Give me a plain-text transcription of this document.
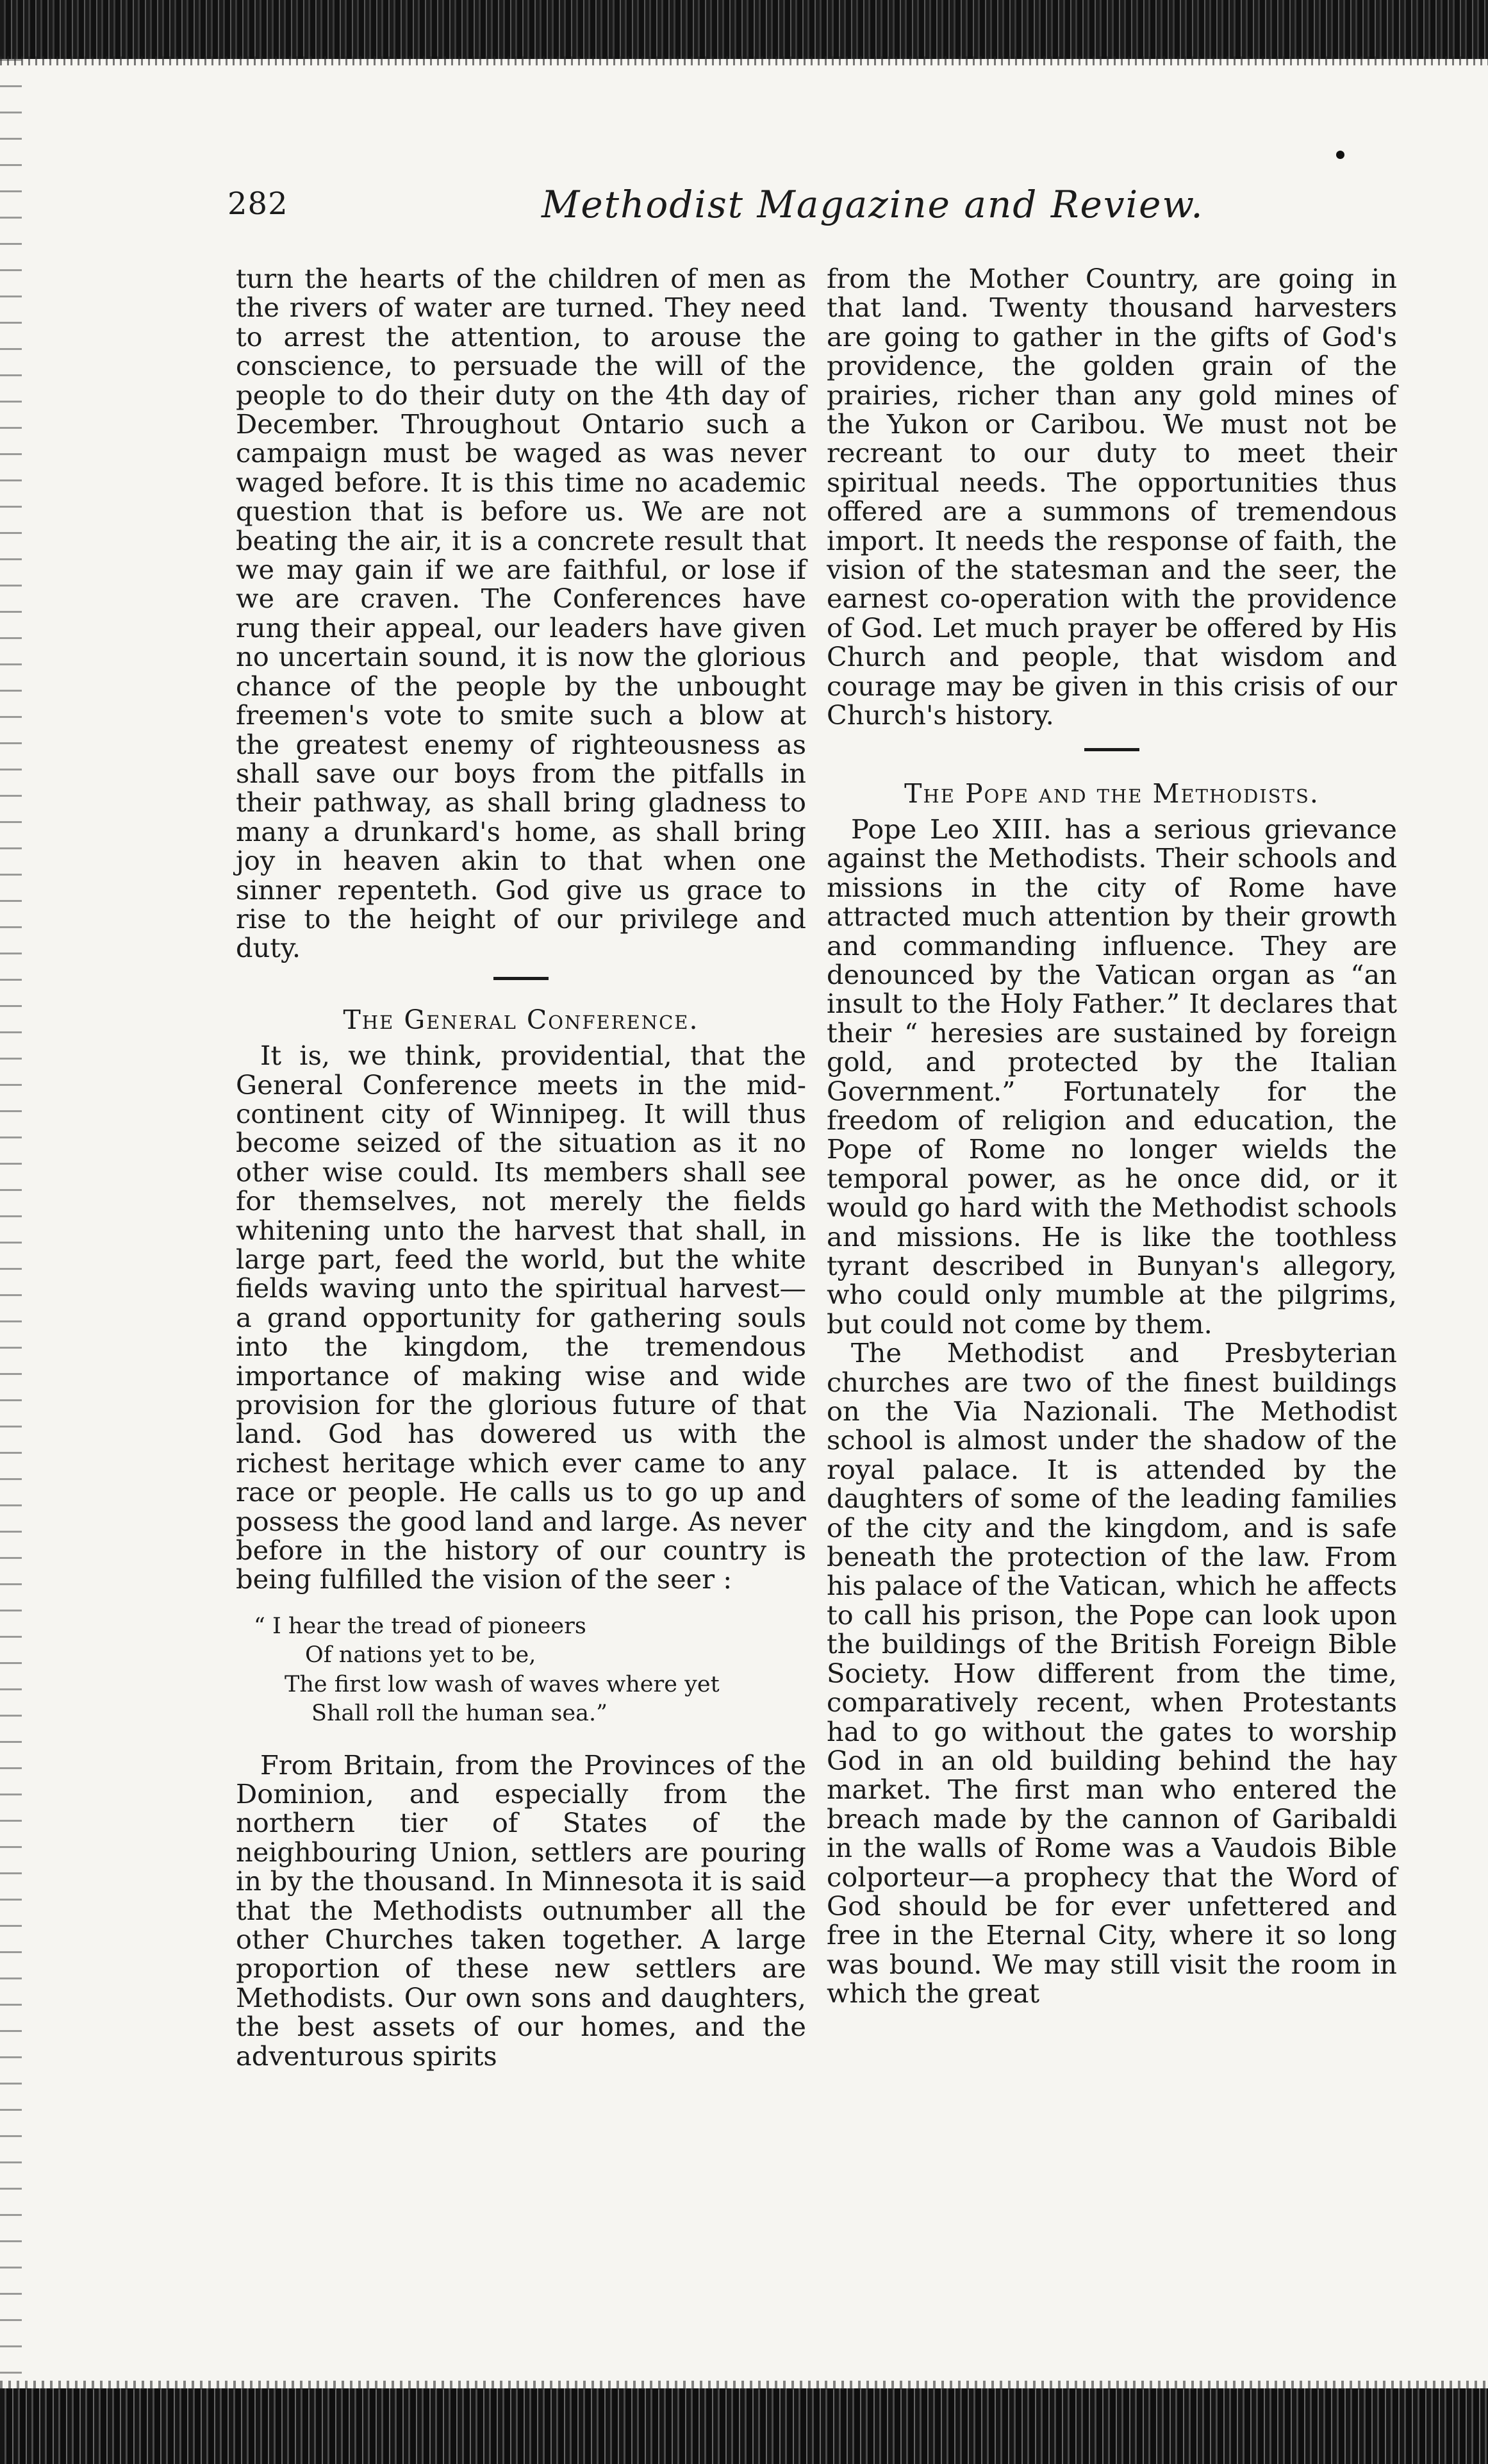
282	Methodist Magazine and Review.

turn the hearts of the children of men as the rivers of water are turned. They need to arrest the attention, to arouse the conscience, to persuade the will of the people to do their duty on the 4th day of December. Throughout Ontario such a campaign must be waged as was never waged before. It is this time no academic question that is before us. We are not beating the air, it is a concrete result that we may gain if we are faithful, or lose if we are craven. The Conferences have rung their appeal, our leaders have given no uncertain sound, it is now the glorious chance of the people by the unbought freemen's vote to smite such a blow at the greatest enemy of righteousness as shall save our boys from the pitfalls in their pathway, as shall bring gladness to many a drunkard's home, as shall bring joy in heaven akin to that when one sinner repenteth. God give us grace to rise to the height of our privilege and duty.

The General Conference.

It is, we think, providential, that the General Conference meets in the mid-continent city of Winnipeg. It will thus become seized of the situation as it no other wise could. Its members shall see for themselves, not merely the fields whitening unto the harvest that shall, in large part, feed the world, but the white fields waving unto the spiritual harvest—a grand opportunity for gathering souls into the kingdom, the tremendous importance of making wise and wide provision for the glorious future of that land. God has dowered us with the richest heritage which ever came to any race or people. He calls us to go up and possess the good land and large. As never before in the history of our country is being fulfilled the vision of the seer :

“ I hear the tread of pioneers
Of nations yet to be,
The first low wash of waves where yet
Shall roll the human sea.”

From Britain, from the Provinces of the Dominion, and especially from the northern tier of States of the neighbouring Union, settlers are pouring in by the thousand. In Minnesota it is said that the Methodists outnumber all the other Churches taken together. A large proportion of these new settlers are Methodists. Our own sons and daughters, the best assets of our homes, and the adventurous spirits

from the Mother Country, are going in that land. Twenty thousand harvesters are going to gather in the gifts of God's providence, the golden grain of the prairies, richer than any gold mines of the Yukon or Caribou. We must not be recreant to our duty to meet their spiritual needs. The opportunities thus offered are a summons of tremendous import. It needs the response of faith, the vision of the statesman and the seer, the earnest co-operation with the providence of God. Let much prayer be offered by His Church and people, that wisdom and courage may be given in this crisis of our Church's history.

The Pope and the Methodists.

Pope Leo XIII. has a serious grievance against the Methodists. Their schools and missions in the city of Rome have attracted much attention by their growth and commanding influence. They are denounced by the Vatican organ as “an insult to the Holy Father.” It declares that their “ heresies are sustained by foreign gold, and protected by the Italian Government.” Fortunately for the freedom of religion and education, the Pope of Rome no longer wields the temporal power, as he once did, or it would go hard with the Methodist schools and missions. He is like the toothless tyrant described in Bunyan's allegory, who could only mumble at the pilgrims, but could not come by them.

The Methodist and Presbyterian churches are two of the finest buildings on the Via Nazionali. The Methodist school is almost under the shadow of the royal palace. It is attended by the daughters of some of the leading families of the city and the kingdom, and is safe beneath the protection of the law. From his palace of the Vatican, which he affects to call his prison, the Pope can look upon the buildings of the British Foreign Bible Society. How different from the time, comparatively recent, when Protestants had to go without the gates to worship God in an old building behind the hay market. The first man who entered the breach made by the cannon of Garibaldi in the walls of Rome was a Vaudois Bible colporteur—a prophecy that the Word of God should be for ever unfettered and free in the Eternal City, where it so long was bound. We may still visit the room in which the great
